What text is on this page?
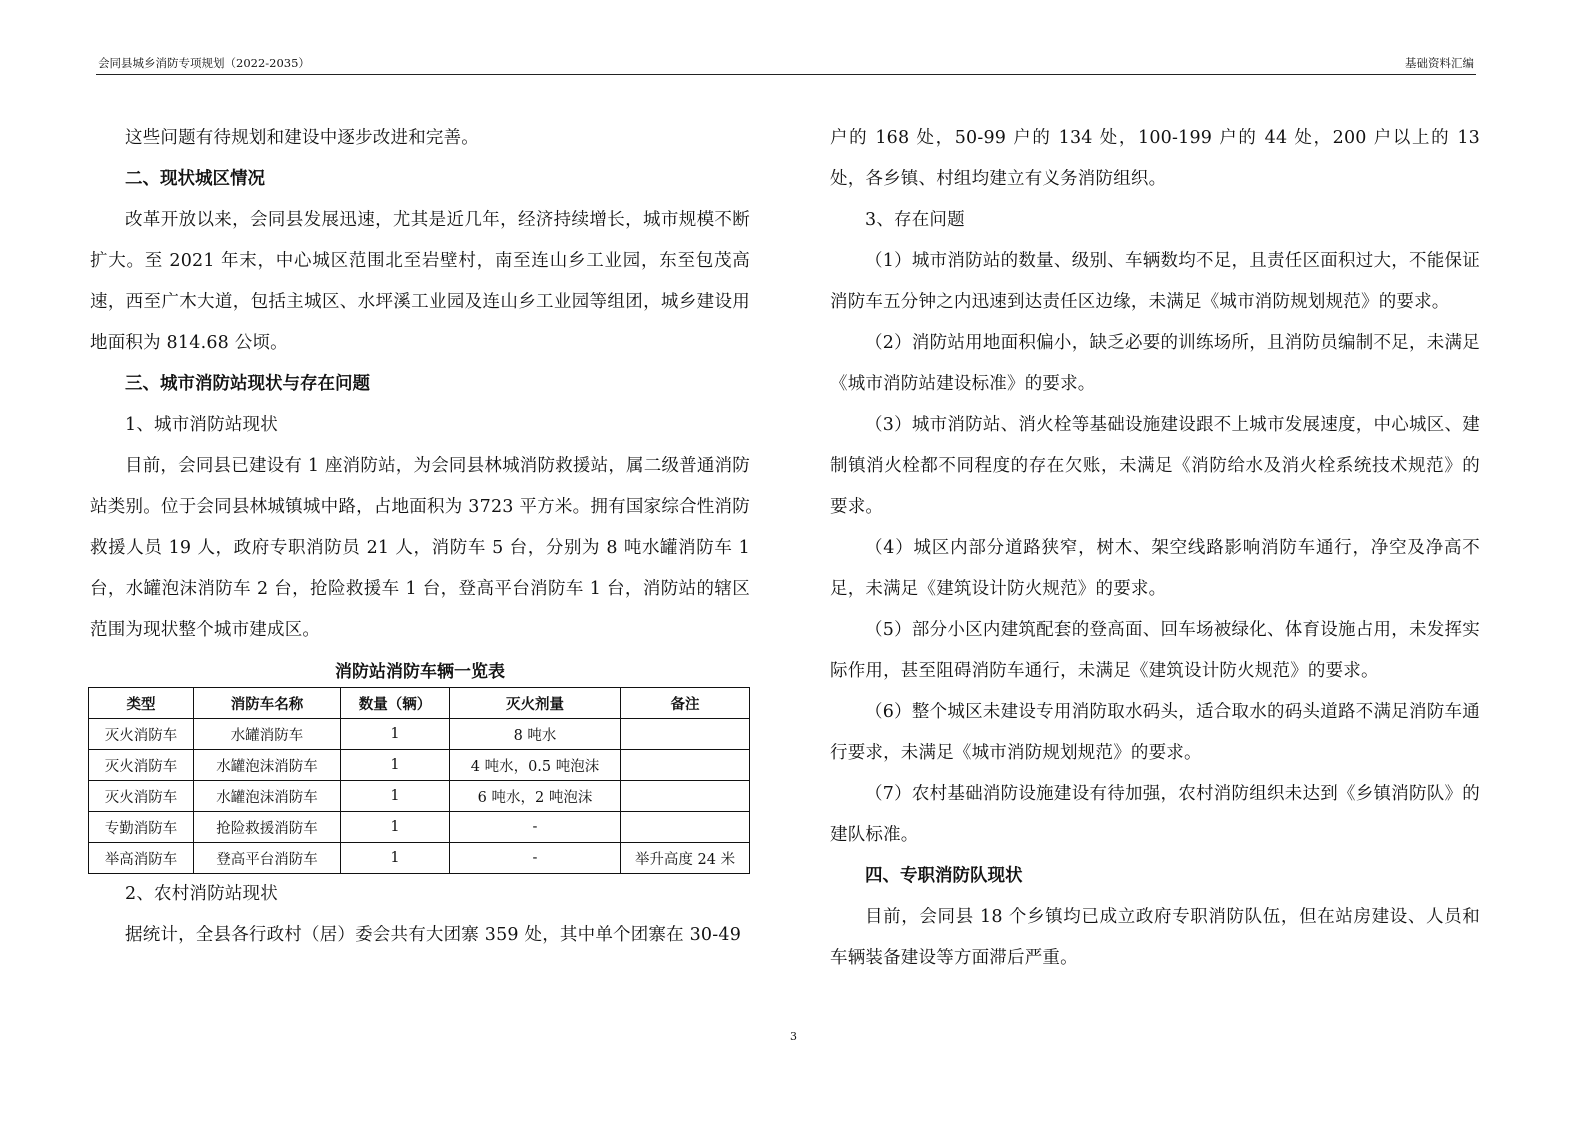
会同县城乡消防专项规划（2022-2035）	基础资料汇编

这些问题有待规划和建设中逐步改进和完善。

二、现状城区情况

改革开放以来，会同县发展迅速，尤其是近几年，经济持续增长，城市规模不断扩大。至 2021 年末，中心城区范围北至岩壁村，南至连山乡工业园，东至包茂高速，西至广木大道，包括主城区、水坪溪工业园及连山乡工业园等组团，城乡建设用地面积为 814.68 公顷。

三、城市消防站现状与存在问题

1、城市消防站现状

目前，会同县已建设有 1 座消防站，为会同县林城消防救援站，属二级普通消防站类别。位于会同县林城镇城中路，占地面积为 3723 平方米。拥有国家综合性消防救援人员 19 人，政府专职消防员 21 人，消防车 5 台，分别为 8 吨水罐消防车 1 台，水罐泡沫消防车 2 台，抢险救援车 1 台，登高平台消防车 1 台，消防站的辖区范围为现状整个城市建成区。

消防站消防车辆一览表
类型	消防车名称	数量（辆）	灭火剂量	备注
灭火消防车	水罐消防车	1	8 吨水	
灭火消防车	水罐泡沫消防车	1	4 吨水，0.5 吨泡沫	
灭火消防车	水罐泡沫消防车	1	6 吨水，2 吨泡沫	
专勤消防车	抢险救援消防车	1	-	
举高消防车	登高平台消防车	1	-	举升高度 24 米

2、农村消防站现状

据统计，全县各行政村（居）委会共有大团寨 359 处，其中单个团寨在 30-49

户的 168 处，50-99 户的 134 处，100-199 户的 44 处，200 户以上的 13 处，各乡镇、村组均建立有义务消防组织。

3、存在问题

（1）城市消防站的数量、级别、车辆数均不足，且责任区面积过大，不能保证消防车五分钟之内迅速到达责任区边缘，未满足《城市消防规划规范》的要求。

（2）消防站用地面积偏小，缺乏必要的训练场所，且消防员编制不足，未满足《城市消防站建设标准》的要求。

（3）城市消防站、消火栓等基础设施建设跟不上城市发展速度，中心城区、建制镇消火栓都不同程度的存在欠账，未满足《消防给水及消火栓系统技术规范》的要求。

（4）城区内部分道路狭窄，树木、架空线路影响消防车通行，净空及净高不足，未满足《建筑设计防火规范》的要求。

（5）部分小区内建筑配套的登高面、回车场被绿化、体育设施占用，未发挥实际作用，甚至阻碍消防车通行，未满足《建筑设计防火规范》的要求。

（6）整个城区未建设专用消防取水码头，适合取水的码头道路不满足消防车通行要求，未满足《城市消防规划规范》的要求。

（7）农村基础消防设施建设有待加强，农村消防组织未达到《乡镇消防队》的建队标准。

四、专职消防队现状

目前，会同县 18 个乡镇均已成立政府专职消防队伍，但在站房建设、人员和车辆装备建设等方面滞后严重。

3
